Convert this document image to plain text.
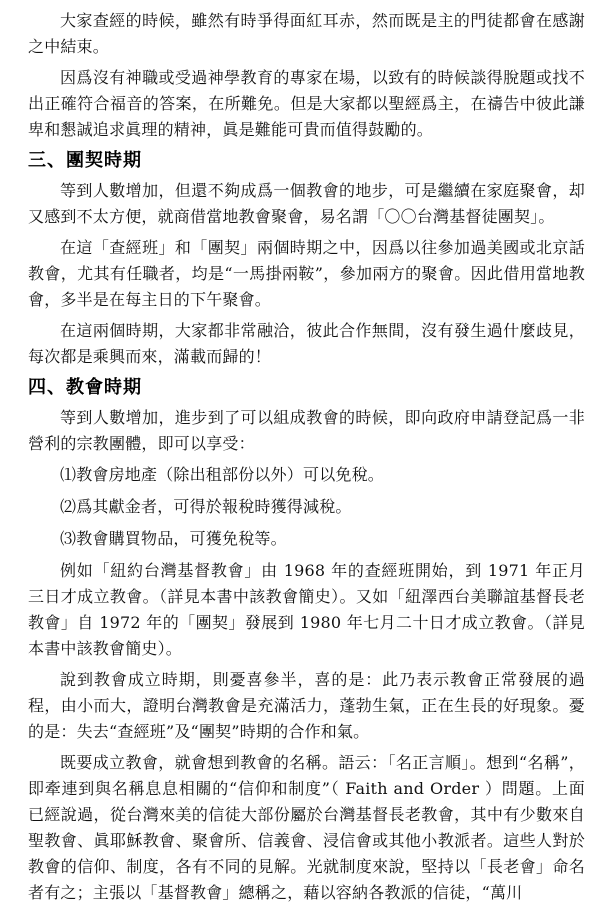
大家查經的時候，雖然有時爭得面紅耳赤，然而既是主的門徒都會在感謝之中結束。

因爲沒有神職或受過神學教育的專家在場，以致有的時候談得脫題或找不出正確符合福音的答案，在所難免。但是大家都以聖經爲主，在禱告中彼此謙卑和懇誠追求眞理的精神，眞是難能可貴而值得鼓勵的。

三、團契時期

等到人數增加，但還不夠成爲一個教會的地步，可是繼續在家庭聚會，却又感到不太方便，就商借當地教會聚會，易名謂「〇〇台灣基督徒團契」。

在這「查經班」和「團契」兩個時期之中，因爲以往參加過美國或北京話教會，尤其有任職者，均是“一馬掛兩鞍”，參加兩方的聚會。因此借用當地教會，多半是在每主日的下午聚會。

在這兩個時期，大家都非常融洽，彼此合作無間，沒有發生過什麼歧見，每次都是乘興而來，滿載而歸的！

四、教會時期

等到人數增加，進步到了可以組成教會的時候，即向政府申請登記爲一非營利的宗教團體，即可以享受：

⑴教會房地產（除出租部份以外）可以免稅。

⑵爲其獻金者，可得於報稅時獲得減稅。

⑶教會購買物品，可獲免稅等。

例如「紐約台灣基督教會」由 1968 年的查經班開始，到 1971 年正月三日才成立教會。（詳見本書中該教會簡史）。又如「紐澤西台美聯誼基督長老教會」自 1972 年的「團契」發展到 1980 年七月二十日才成立教會。（詳見本書中該教會簡史）。

說到教會成立時期，則憂喜參半，喜的是：此乃表示教會正常發展的過程，由小而大，證明台灣教會是充滿活力，蓬勃生氣，正在生長的好現象。憂的是：失去“查經班”及“團契”時期的合作和氣。

既要成立教會，就會想到教會的名稱。語云：「名正言順」。想到“名稱”，即牽連到與名稱息息相關的“信仰和制度”（ Faith and Order ）問題。上面已經說過，從台灣來美的信徒大部份屬於台灣基督長老教會，其中有少數來自聖教會、眞耶穌教會、聚會所、信義會、浸信會或其他小教派者。這些人對於教會的信仰、制度，各有不同的見解。光就制度來說，堅持以「長老會」命名者有之；主張以「基督教會」總稱之，藉以容納各教派的信徒，“萬川
